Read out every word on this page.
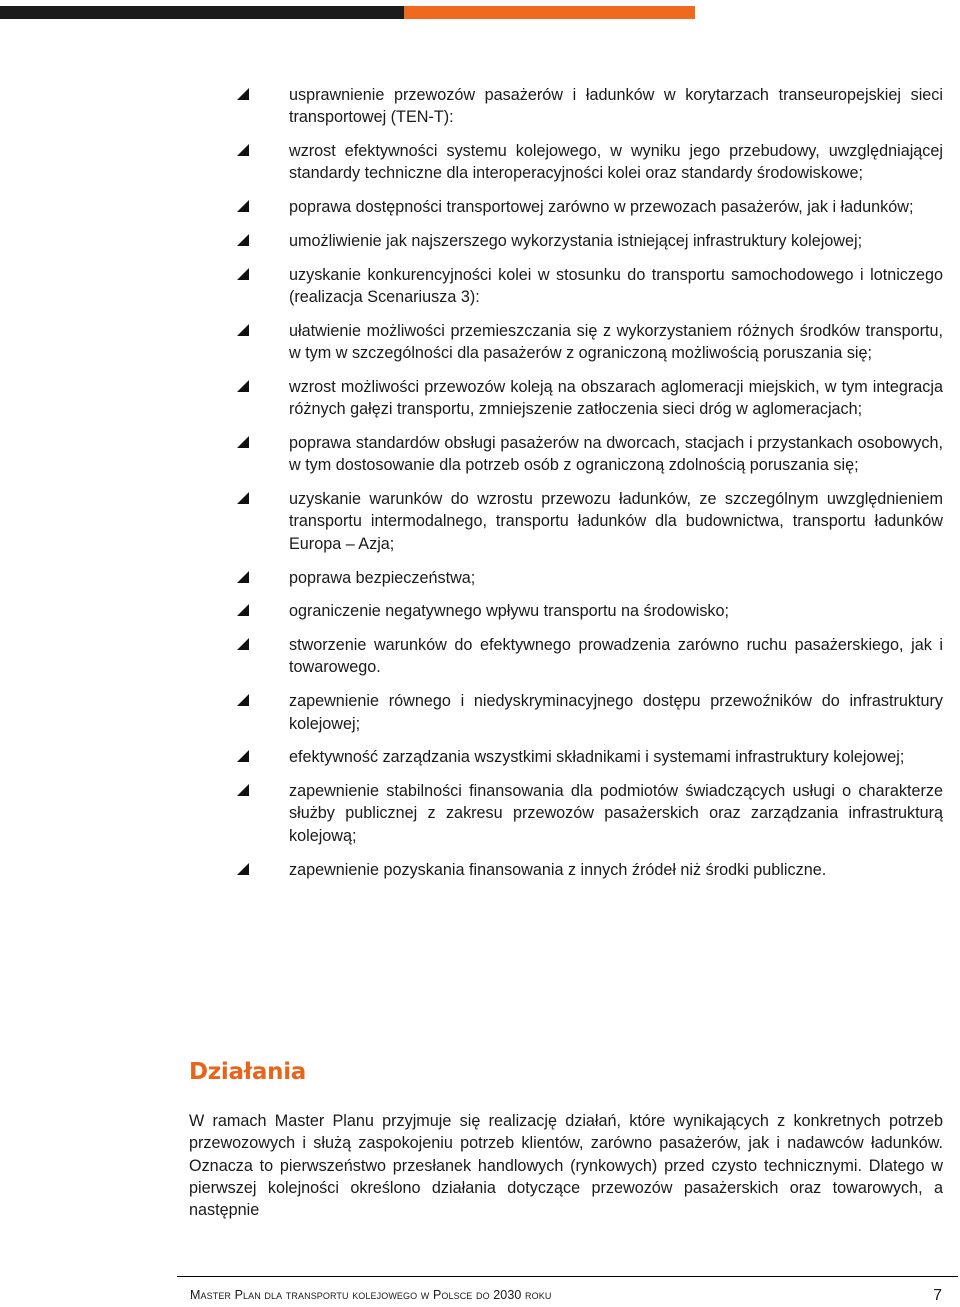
usprawnienie przewozów pasażerów i ładunków w korytarzach transeuropejskiej sieci transportowej (TEN-T):
wzrost efektywności systemu kolejowego, w wyniku jego przebudowy, uwzględniającej standardy techniczne dla interoperacyjności kolei oraz standardy środowiskowe;
poprawa dostępności transportowej zarówno w przewozach pasażerów, jak i ładunków;
umożliwienie jak najszerszego wykorzystania istniejącej infrastruktury kolejowej;
uzyskanie konkurencyjności kolei w stosunku do transportu samochodowego i lotniczego (realizacja Scenariusza 3):
ułatwienie możliwości przemieszczania się z wykorzystaniem różnych środków transportu, w tym w szczególności dla pasażerów z ograniczoną możliwością poruszania się;
wzrost możliwości przewozów koleją na obszarach aglomeracji miejskich, w tym integracja różnych gałęzi transportu, zmniejszenie zatłoczenia sieci dróg w aglomeracjach;
poprawa standardów obsługi pasażerów na dworcach, stacjach i przystankach osobowych, w tym dostosowanie dla potrzeb osób z ograniczoną zdolnością poruszania się;
uzyskanie warunków do wzrostu przewozu ładunków, ze szczególnym uwzględnieniem transportu intermodalnego, transportu ładunków dla budownictwa, transportu ładunków Europa – Azja;
poprawa bezpieczeństwa;
ograniczenie negatywnego wpływu transportu na środowisko;
stworzenie warunków do efektywnego prowadzenia zarówno ruchu pasażerskiego, jak i towarowego.
zapewnienie równego i niedyskryminacyjnego dostępu przewoźników do infrastruktury kolejowej;
efektywność zarządzania wszystkimi składnikami i systemami infrastruktury kolejowej;
zapewnienie stabilności finansowania dla podmiotów świadczących usługi o charakterze służby publicznej z zakresu przewozów pasażerskich oraz zarządzania infrastrukturą kolejową;
zapewnienie pozyskania finansowania z innych źródeł niż środki publiczne.
Działania

W ramach Master Planu przyjmuje się realizację działań, które wynikających z konkretnych potrzeb przewozowych i służą zaspokojeniu potrzeb klientów, zarówno pasażerów, jak i nadawców ładunków. Oznacza to pierwszeństwo przesłanek handlowych (rynkowych) przed czysto technicznymi. Dlatego w pierwszej kolejności określono działania dotyczące przewozów pasażerskich oraz towarowych, a następnie

Master Plan dla transportu kolejowego w Polsce do 2030 roku	7
